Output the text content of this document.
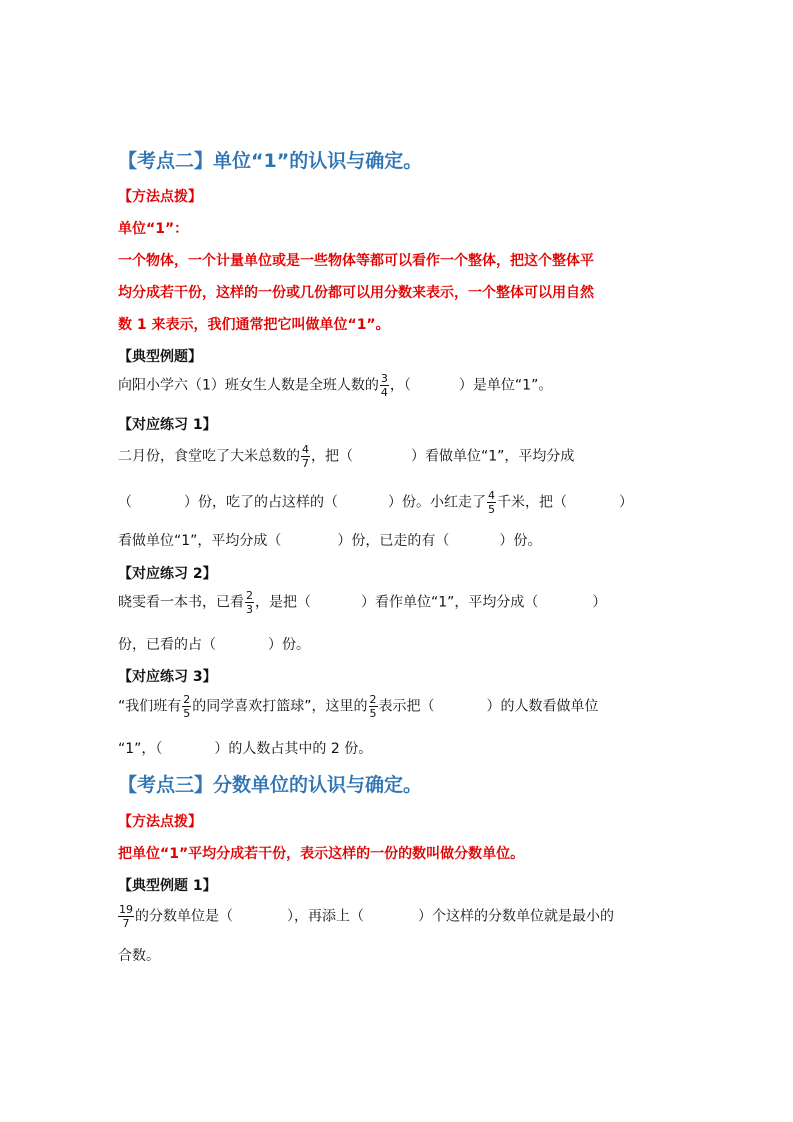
【考点二】单位“1”的认识与确定。
【方法点拨】
单位“1”：
一个物体，一个计量单位或是一些物体等都可以看作一个整体，把这个整体平
均分成若干份，这样的一份或几份都可以用分数来表示，一个整体可以用自然
数 1 来表示，我们通常把它叫做单位“1”。
【典型例题】
向阳小学六（1）班女生人数是全班人数的 $\frac{3}{4}$ ，（	）是单位“1”。
【对应练习 1】
二月份，食堂吃了大米总数的 $\frac{4}{7}$ ，把（	）看做单位“1”，平均分成
（	）份，吃了的占这样的（	）份。小红走了 $\frac{4}{5}$ 千米，把（	）
看做单位“1”，平均分成（	）份，已走的有（	）份。
【对应练习 2】
晓雯看一本书，已看 $\frac{2}{3}$ ，是把（	）看作单位“1”，平均分成（	）
份，已看的占（	）份。
【对应练习 3】
“我们班有 $\frac{2}{5}$ 的同学喜欢打篮球”，这里的 $\frac{2}{5}$ 表示把（	）的人数看做单位
“1”，（	）的人数占其中的 2 份。
【考点三】分数单位的认识与确定。
【方法点拨】
把单位“1”平均分成若干份，表示这样的一份的数叫做分数单位。
【典型例题 1】
$\frac{19}{7}$ 的分数单位是（	），再添上（	）个这样的分数单位就是最小的
合数。
